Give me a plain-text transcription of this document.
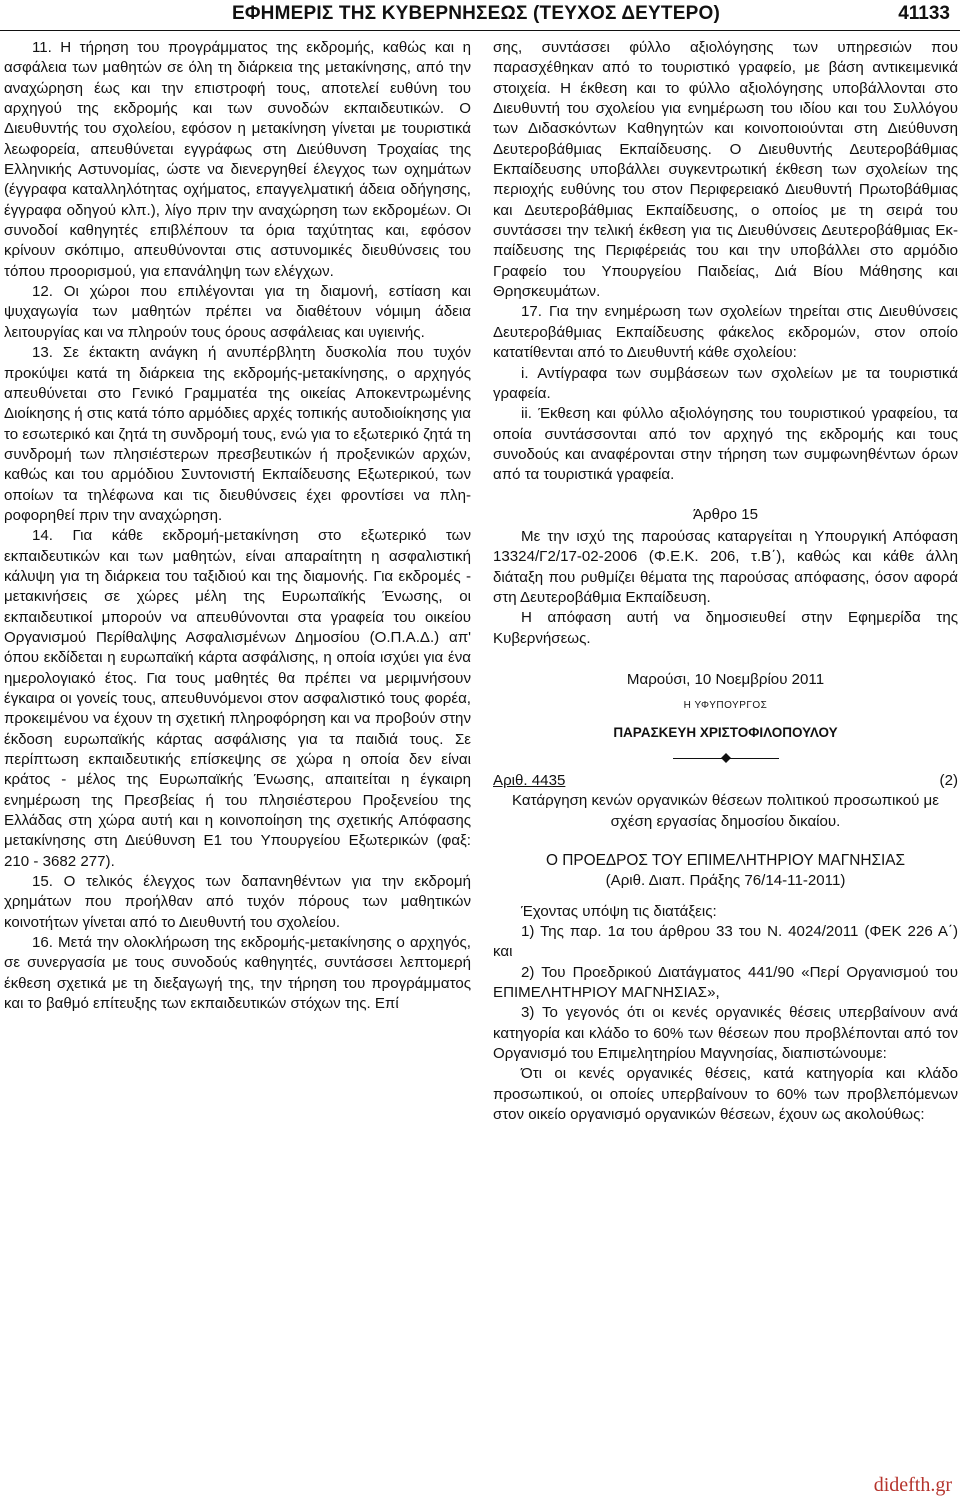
ΕΦΗΜΕΡΙΣ ΤΗΣ ΚΥΒΕΡΝΗΣΕΩΣ (ΤΕΥΧΟΣ ΔΕΥΤΕΡΟ)	41133

11. Η τήρηση του προγράμματος της εκδρομής, καθώς και η ασφάλεια των μαθητών σε όλη τη διάρκεια της μετακίνησης, από την αναχώρηση έως και την επιστροφή τους, αποτελεί ευθύνη του αρχηγού της εκδρομής και των συνοδών εκπαιδευτικών. Ο Διευθυντής του σχολείου, εφόσον η μετακίνηση γίνεται με τουριστικά λεωφορεία, απευθύνεται εγγράφως στη Διεύθυνση Τροχαίας της Ελληνικής Αστυνομίας, ώστε να διενεργηθεί έλεγχος των οχημάτων (έγγραφα καταλληλότητας οχήματος, επαγγελματική άδεια οδήγησης, έγγραφα οδηγού κλπ.), λίγο πριν την αναχώρηση των εκδρομέων. Οι συνοδοί καθηγητές επιβλέπουν τα όρια ταχύτητας και, εφόσον κρίνουν σκόπιμο, απευθύνονται στις αστυνομικές διευθύνσεις του τόπου προορισμού, για επανάληψη των ελέγχων.

12. Οι χώροι που επιλέγονται για τη διαμονή, εστίαση και ψυχαγωγία των μαθητών πρέπει να διαθέτουν νόμιμη άδεια λειτουργίας και να πληρούν τους όρους ασφάλειας και υγιεινής.

13. Σε έκτακτη ανάγκη ή ανυπέρβλητη δυσκολία που τυχόν προκύψει κατά τη διάρκεια της εκδρομής-μετακίνησης, ο αρχηγός απευθύνεται στο Γενικό Γραμματέα της οικείας Αποκεντρωμένης Διοίκησης ή στις κατά τόπο αρμόδιες αρχές τοπικής αυτοδιοίκησης για το εσωτερικό και ζητά τη συνδρομή τους, ενώ για το εξωτερικό ζητά τη συνδρομή των πλησιέστερων πρεσβευτικών ή προξενικών αρχών, καθώς και του αρμόδιου Συντονιστή Εκπαίδευσης Εξωτερικού, των οποίων τα τηλέφωνα και τις διευθύνσεις έχει φροντίσει να πληροφορηθεί πριν την αναχώρηση.

14. Για κάθε εκδρομή-μετακίνηση στο εξωτερικό των εκπαιδευτικών και των μαθητών, είναι απαραίτητη η ασφαλιστική κάλυψη για τη διάρκεια του ταξιδιού και της διαμονής. Για εκδρομές - μετακινήσεις σε χώρες μέλη της Ευρωπαϊκής Ένωσης, οι εκπαιδευτικοί μπορούν να απευθύνονται στα γραφεία του οικείου Οργανισμού Περίθαλψης Ασφαλισμένων Δημοσίου (Ο.Π.Α.Δ.) απ' όπου εκδίδεται η ευρωπαϊκή κάρτα ασφάλισης, η οποία ισχύει για ένα ημερολογιακό έτος. Για τους μαθητές θα πρέπει να μεριμνήσουν έγκαιρα οι γονείς τους, απευθυνόμενοι στον ασφαλιστικό τους φορέα, προκειμένου να έχουν τη σχετική πληροφόρηση και να προβούν στην έκδοση ευρωπαϊκής κάρτας ασφάλισης για τα παιδιά τους. Σε περίπτωση εκπαιδευτικής επίσκεψης σε χώρα η οποία δεν είναι κράτος - μέλος της Ευρωπαϊκής Ένωσης, απαιτείται η έγκαιρη ενημέρωση της Πρεσβείας ή του πλησιέστερου Προξενείου της Ελλάδας στη χώρα αυτή και η κοινοποίηση της σχετικής Απόφασης μετακίνησης στη Διεύθυνση Ε1 του Υπουργείου Εξωτερικών (φαξ: 210 - 3682 277).

15. Ο τελικός έλεγχος των δαπανηθέντων για την εκδρομή χρημάτων που προήλθαν από τυχόν πόρους των μαθητικών κοινοτήτων γίνεται από το Διευθυντή του σχολείου.

16. Μετά την ολοκλήρωση της εκδρομής-μετακίνησης ο αρχηγός, σε συνεργασία με τους συνοδούς καθηγητές, συντάσσει λεπτομερή έκθεση σχετικά με τη διεξαγωγή της, την τήρηση του προγράμματος και το βαθμό επίτευξης των εκπαιδευτικών στόχων της. Επί

σης, συντάσσει φύλλο αξιολόγησης των υπηρεσιών που παρασχέθηκαν από το τουριστικό γραφείο, με βάση αντικειμενικά στοιχεία. Η έκθεση και το φύλλο αξιολόγησης υποβάλλονται στο Διευθυντή του σχολείου για ενημέρωση του ιδίου και του Συλλόγου των Διδασκόντων Καθηγητών και κοινοποιούνται στη Διεύθυνση Δευτεροβάθμιας Εκπαίδευσης. Ο Διευθυντής Δευτεροβάθμιας Εκπαίδευσης υποβάλλει συγκεντρωτική έκθεση των σχολείων της περιοχής ευθύνης του στον Περιφερειακό Διευθυντή Πρωτοβάθμιας και Δευτεροβάθμιας Εκπαίδευσης, ο οποίος με τη σειρά του συντάσσει την τελική έκθεση για τις Διευθύνσεις Δευτεροβάθμιας Εκπαίδευσης της Περιφέρειάς του και την υποβάλλει στο αρμόδιο Γραφείο του Υπουργείου Παιδείας, Διά Βίου Μάθησης και Θρησκευμάτων.

17. Για την ενημέρωση των σχολείων τηρείται στις Διευθύνσεις Δευτεροβάθμιας Εκπαίδευσης φάκελος εκδρομών, στον οποίο κατατίθενται από το Διευθυντή κάθε σχολείου:

i. Αντίγραφα των συμβάσεων των σχολείων με τα τουριστικά γραφεία.

ii. Έκθεση και φύλλο αξιολόγησης του τουριστικού γραφείου, τα οποία συντάσσονται από τον αρχηγό της εκδρομής και τους συνοδούς και αναφέρονται στην τήρηση των συμφωνηθέντων όρων από τα τουριστικά γραφεία.

Άρθρο 15

Με την ισχύ της παρούσας καταργείται η Υπουργική Απόφαση 13324/Γ2/17-02-2006 (Φ.Ε.Κ. 206, τ.Β΄), καθώς και κάθε άλλη διάταξη που ρυθμίζει θέματα της παρούσας απόφασης, όσον αφορά στη Δευτεροβάθμια Εκπαίδευση.

Η απόφαση αυτή να δημοσιευθεί στην Εφημερίδα της Κυβερνήσεως.

Μαρούσι, 10 Νοεμβρίου 2011

Η ΥΦΥΠΟΥΡΓΟΣ

ΠΑΡΑΣΚΕΥΗ ΧΡΙΣΤΟΦΙΛΟΠΟΥΛΟΥ

Αριθ. 4435	(2)

Κατάργηση κενών οργανικών θέσεων πολιτικού προσωπικού με σχέση εργασίας δημοσίου δικαίου.

Ο ΠΡΟΕΔΡΟΣ ΤΟΥ ΕΠΙΜΕΛΗΤΗΡΙΟΥ ΜΑΓΝΗΣΙΑΣ

(Αριθ. Διαπ. Πράξης 76/14-11-2011)

Έχοντας υπόψη τις διατάξεις:

1) Της παρ. 1α του άρθρου 33 του Ν. 4024/2011 (ΦΕΚ 226 Α΄) και

2) Του Προεδρικού Διατάγματος 441/90 «Περί Οργανισμού του ΕΠΙΜΕΛΗΤΗΡΙΟΥ ΜΑΓΝΗΣΙΑΣ»,

3) Το γεγονός ότι οι κενές οργανικές θέσεις υπερβαίνουν ανά κατηγορία και κλάδο το 60% των θέσεων που προβλέπονται από τον Οργανισμό του Επιμελητηρίου Μαγνησίας, διαπιστώνουμε:

Ότι οι κενές οργανικές θέσεις, κατά κατηγορία και κλάδο προσωπικού, οι οποίες υπερβαίνουν το 60% των προβλεπόμενων στον οικείο οργανισμό οργανικών θέσεων, έχουν ως ακολούθως:

didefth.gr
